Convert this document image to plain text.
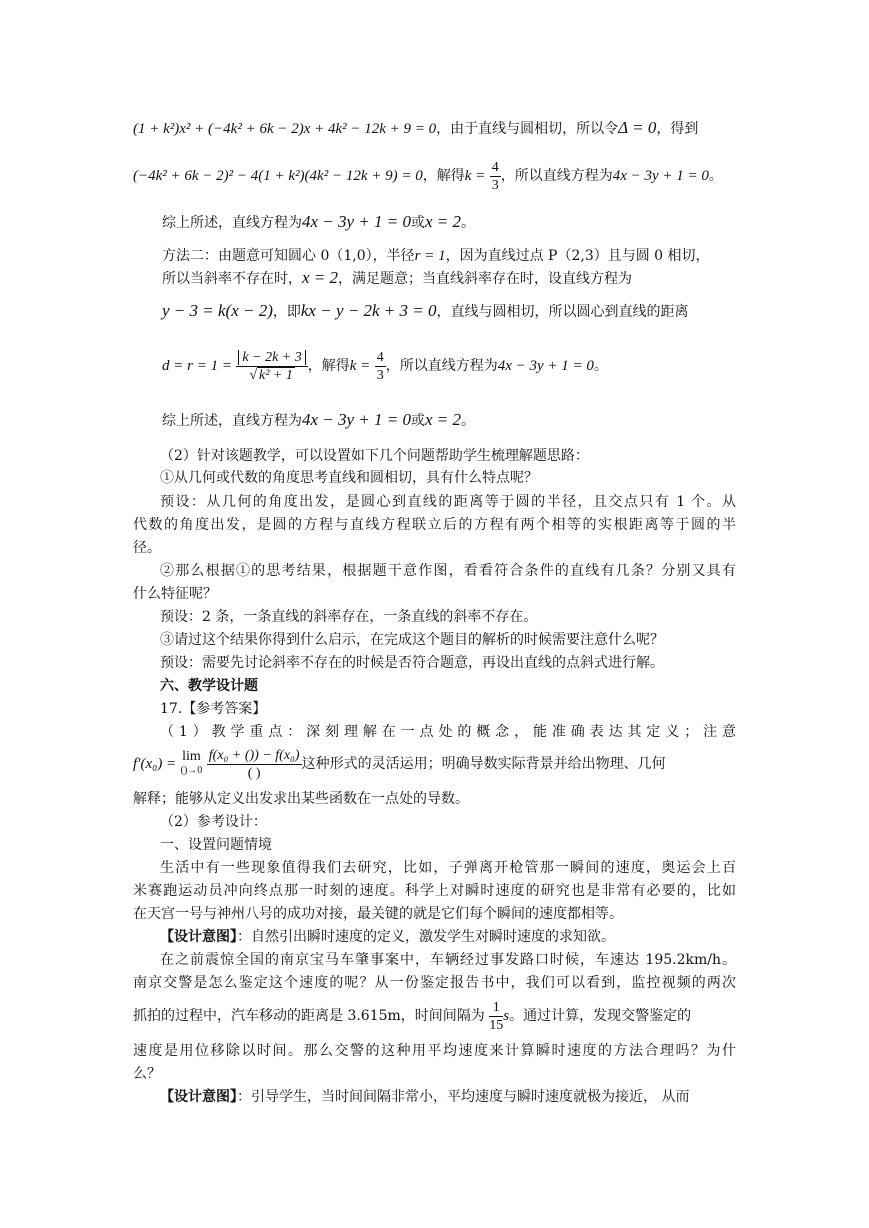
(1 + k²)x² + (−4k² + 6k − 2)x + 4k² − 12k + 9 = 0，由于直线与圆相切，所以令Δ = 0，得到
(−4k² + 6k − 2)² − 4(1 + k²)(4k² − 12k + 9) = 0，解得$k = \frac{4}{3}$ ，所以直线方程为4x − 3y + 1 = 0。
综上所述，直线方程为4x − 3y + 1 = 0或x = 2。
方法二：由题意可知圆心 0（1,0），半径r = 1，因为直线过点 P（2,3）且与圆 0 相切，
所以当斜率不存在时，x = 2，满足题意；当直线斜率存在时，设直线方程为
y − 3 = k(x − 2)，即kx − y − 2k + 3 = 0，直线与圆相切，所以圆心到直线的距离
$d = r = 1 = \frac{k - 2k + 3}{\text{√ k² + 1}}$ ，解得$k = \frac{4}{3}$ ，所以直线方程为4x − 3y + 1 = 0。
综上所述，直线方程为4x − 3y + 1 = 0或x = 2。
（2）针对该题教学，可以设置如下几个问题帮助学生梳理解题思路：
①从几何或代数的角度思考直线和圆相切，具有什么特点呢？
预设：从几何的角度出发，是圆心到直线的距离等于圆的半径，且交点只有 1 个。从
代数的角度出发，是圆的方程与直线方程联立后的方程有两个相等的实根距离等于圆的半
径。
②那么根据①的思考结果，根据题干意作图，看看符合条件的直线有几条？分别又具有
什么特征呢？
预设：2 条，一条直线的斜率存在，一条直线的斜率不存在。
③请过这个结果你得到什么启示，在完成这个题目的解析的时候需要注意什么呢？
预设：需要先讨论斜率不存在的时候是否符合题意，再设出直线的点斜式进行解。
六、教学设计题
17.【参考答案】
（1）教学重点：深刻理解在一点处的概念，能准确表达其定义；注意
f′(x₀) = lim
()→0
$\frac{\text{f(x₀ + ()) − f(x₀)}}{( )}$ 这种形式的灵活运用；明确导数实际背景并给出物理、几何
解释；能够从定义出发求出某些函数在一点处的导数。
（2）参考设计：
一、设置问题情境
生活中有一些现象值得我们去研究，比如，子弹离开枪管那一瞬间的速度，奥运会上百
米赛跑运动员冲向终点那一时刻的速度。科学上对瞬时速度的研究也是非常有必要的，比如
在天宫一号与神州八号的成功对接，最关键的就是它们每个瞬间的速度都相等。
【设计意图】：自然引出瞬时速度的定义，激发学生对瞬时速度的求知欲。
在之前震惊全国的南京宝马车肇事案中，车辆经过事发路口时候，车速达 195.2km/h。
南京交警是怎么鉴定这个速度的呢？从一份鉴定报告书中，我们可以看到，监控视频的两次
抓拍的过程中，汽车移动的距离是 3.615m，时间间隔为 $\frac{1}{15}$ s。通过计算，发现交警鉴定的
速度是用位移除以时间。那么交警的这种用平均速度来计算瞬时速度的方法合理吗？为什
么？
【设计意图】：引导学生，当时间间隔非常小，平均速度与瞬时速度就极为接近， 从而
